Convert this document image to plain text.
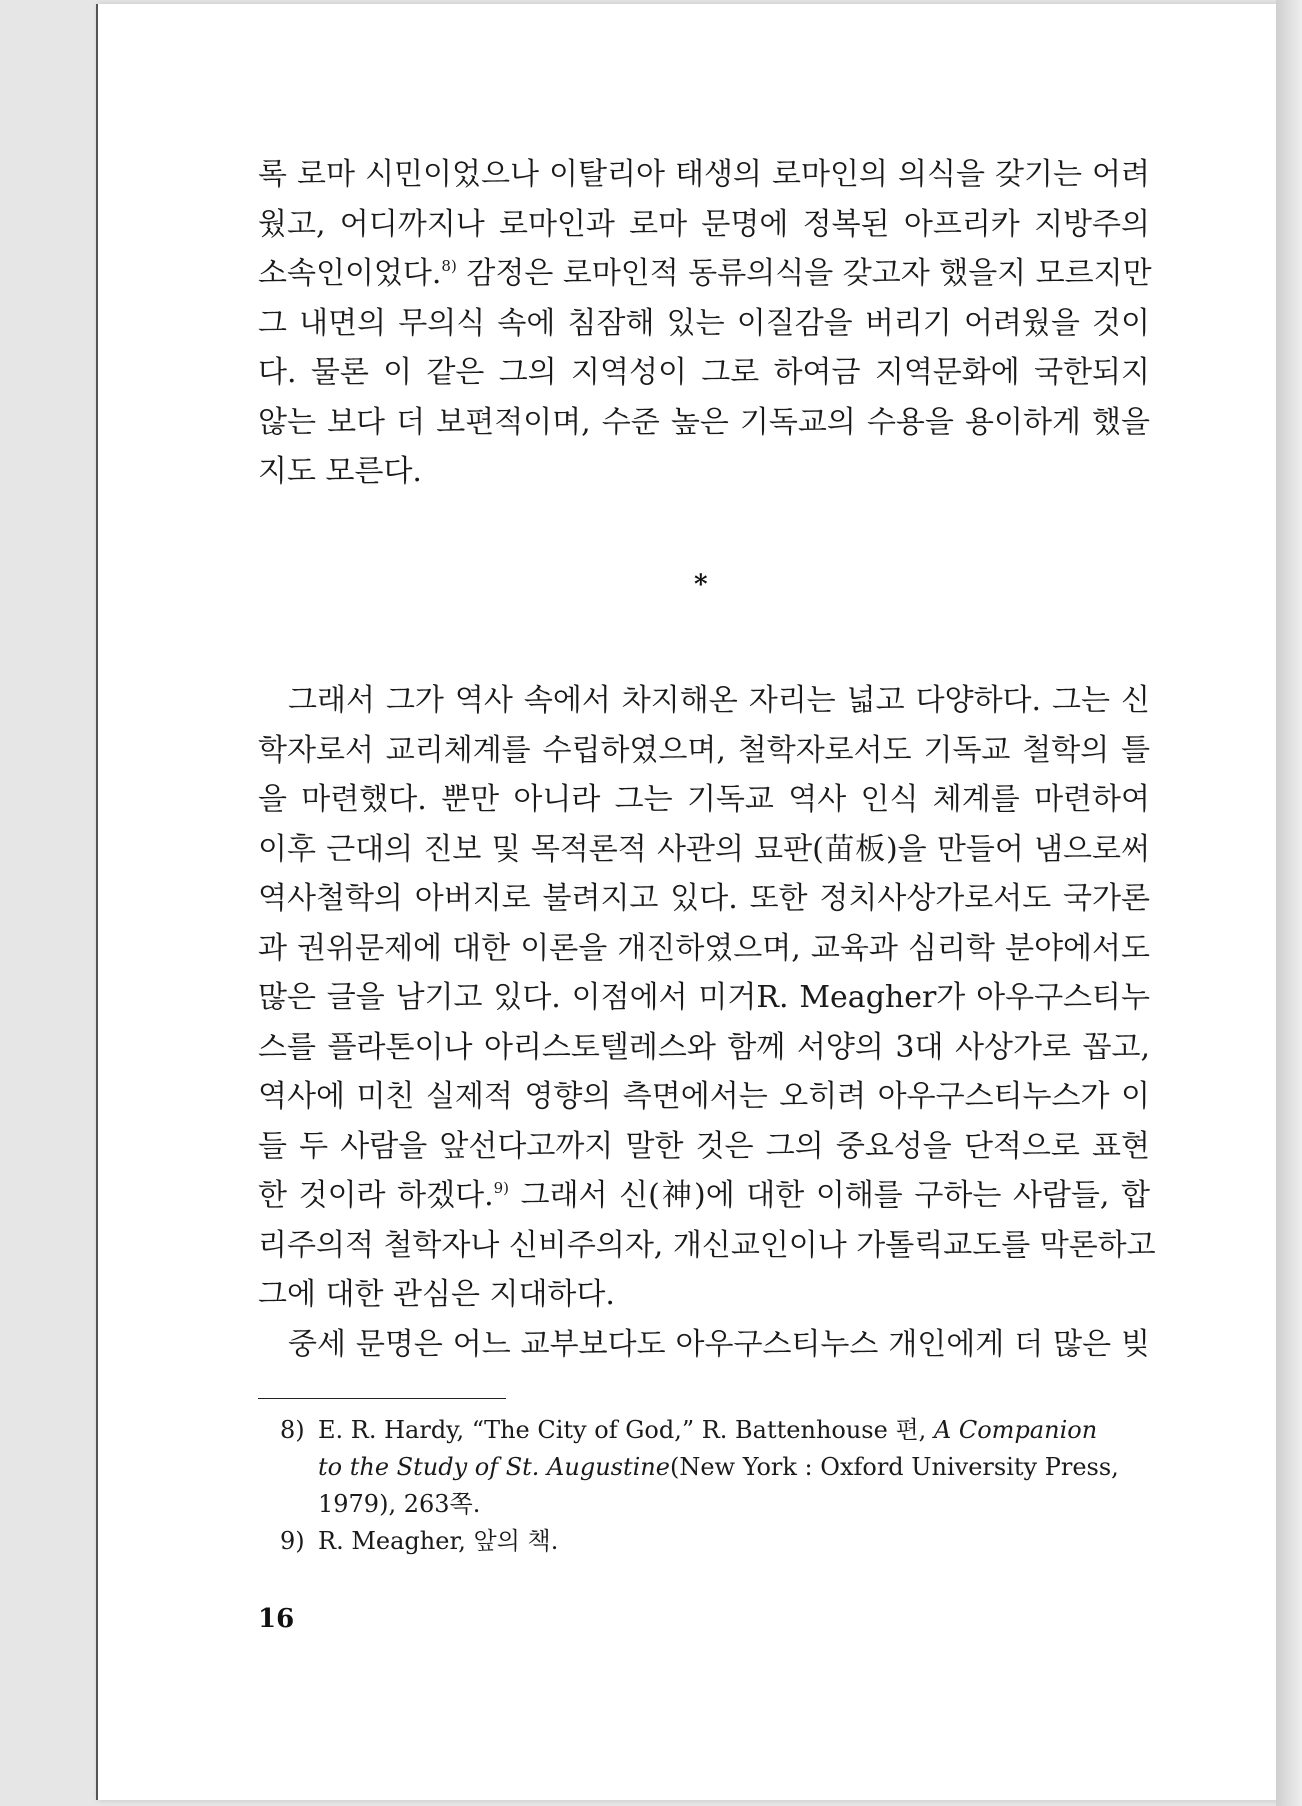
록 로마 시민이었으나 이탈리아 태생의 로마인의 의식을 갖기는 어려
웠고, 어디까지나 로마인과 로마 문명에 정복된 아프리카 지방주의
소속인이었다.$^{8)}$ 감정은 로마인적 동류의식을 갖고자 했을지 모르지만
그 내면의 무의식 속에 침잠해 있는 이질감을 버리기 어려웠을 것이
다. 물론 이 같은 그의 지역성이 그로 하여금 지역문화에 국한되지
않는 보다 더 보편적이며, 수준 높은 기독교의 수용을 용이하게 했을
지도 모른다.
*
그래서 그가 역사 속에서 차지해온 자리는 넓고 다양하다. 그는 신
학자로서 교리체계를 수립하였으며, 철학자로서도 기독교 철학의 틀
을 마련했다. 뿐만 아니라 그는 기독교 역사 인식 체계를 마련하여
이후 근대의 진보 및 목적론적 사관의 묘판(苗板)을 만들어 냄으로써
역사철학의 아버지로 불려지고 있다. 또한 정치사상가로서도 국가론
과 권위문제에 대한 이론을 개진하였으며, 교육과 심리학 분야에서도
많은 글을 남기고 있다. 이점에서 미거R. Meagher가 아우구스티누
스를 플라톤이나 아리스토텔레스와 함께 서양의 3대 사상가로 꼽고,
역사에 미친 실제적 영향의 측면에서는 오히려 아우구스티누스가 이
들 두 사람을 앞선다고까지 말한 것은 그의 중요성을 단적으로 표현
한 것이라 하겠다.$^{9)}$ 그래서 신(神)에 대한 이해를 구하는 사람들, 합
리주의적 철학자나 신비주의자, 개신교인이나 가톨릭교도를 막론하고
그에 대한 관심은 지대하다.
중세 문명은 어느 교부보다도 아우구스티누스 개인에게 더 많은 빚

8) E. R. Hardy, “The City of God,” R. Battenhouse 편, A Companion
to the Study of St. Augustine(New York : Oxford University Press,
1979), 263쪽.

9) R. Meagher, 앞의 책.

16
